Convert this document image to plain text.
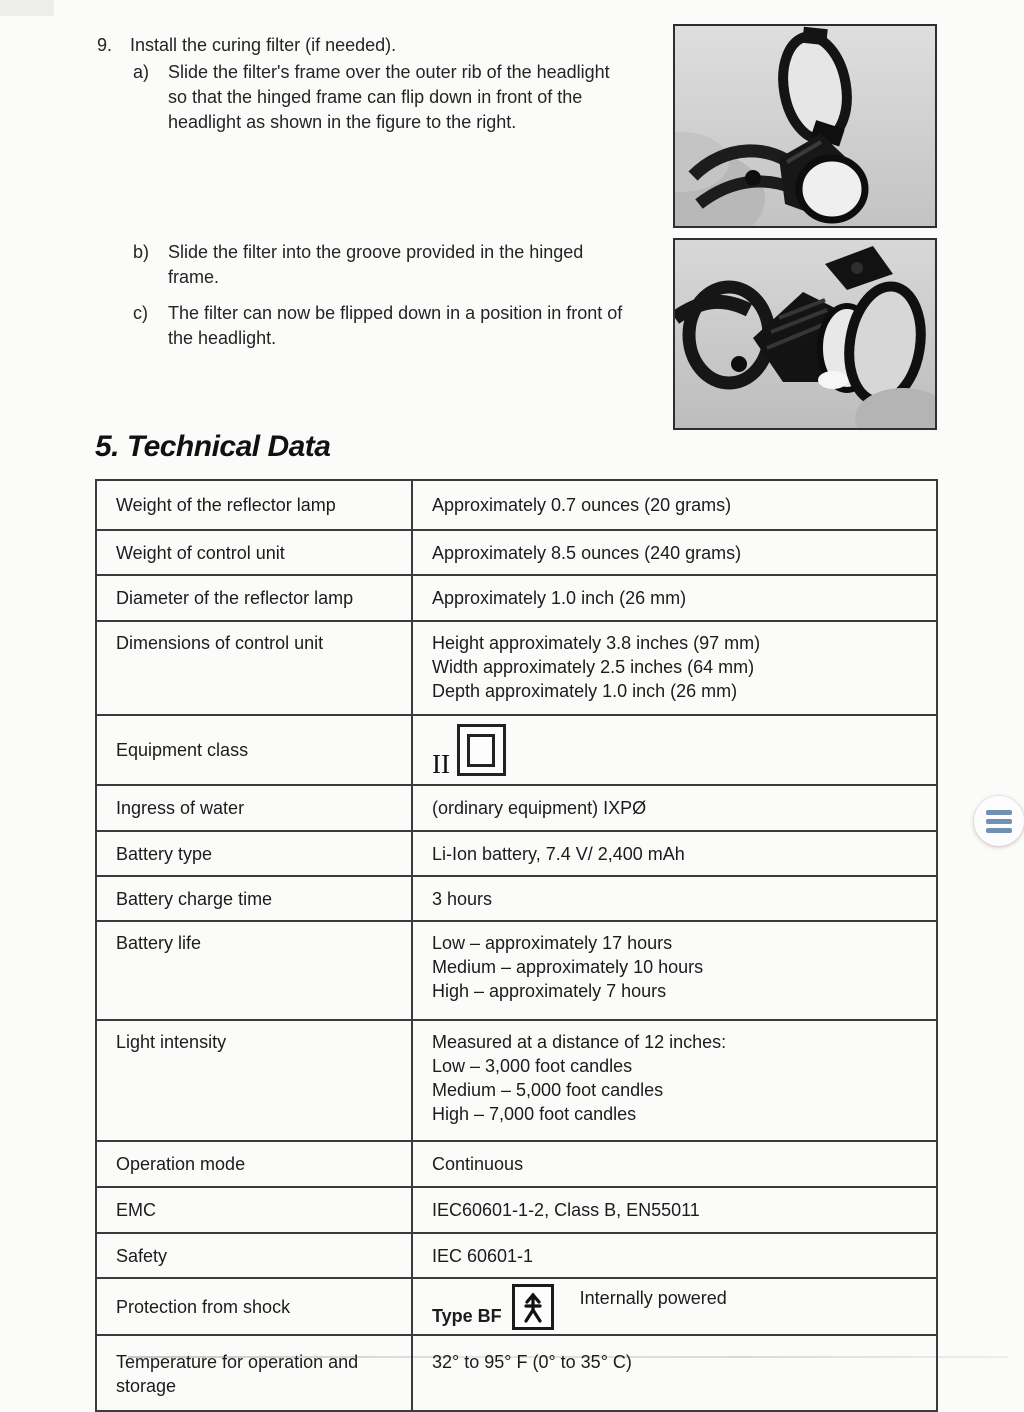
9. Install the curing filter (if needed).
a)	Slide the filter's frame over the outer rib of the headlight so that the hinged frame can flip down in front of the headlight as shown in the figure to the right.
b)	Slide the filter into the groove provided in the hinged frame.
c)	The filter can now be flipped down in a position in front of the headlight.
5. Technical Data
Weight of the reflector lamp	Approximately 0.7 ounces (20 grams)
Weight of control unit	Approximately 8.5 ounces (240 grams)
Diameter of the reflector lamp	Approximately 1.0 inch (26 mm)
Dimensions of control unit	Height approximately 3.8 inches (97 mm)
Width approximately 2.5 inches (64 mm)
Depth approximately 1.0 inch (26 mm)

Equipment class	II

Ingress of water	(ordinary equipment) IXPØ
Battery type	Li-Ion battery, 7.4 V/ 2,400 mAh
Battery charge time	3 hours
Battery life	Low – approximately 17 hours
Medium – approximately 10 hours
High – approximately 7 hours

Light intensity	Measured at a distance of 12 inches:
Low – 3,000 foot candles
Medium – 5,000 foot candles
High – 7,000 foot candles

Operation mode	Continuous
EMC	IEC60601-1-2, Class B, EN55011
Safety	IEC 60601-1
Protection from shock	Type BF
Internally powered

Temperature for operation and storage	32° to 95° F (0° to 35° C)
